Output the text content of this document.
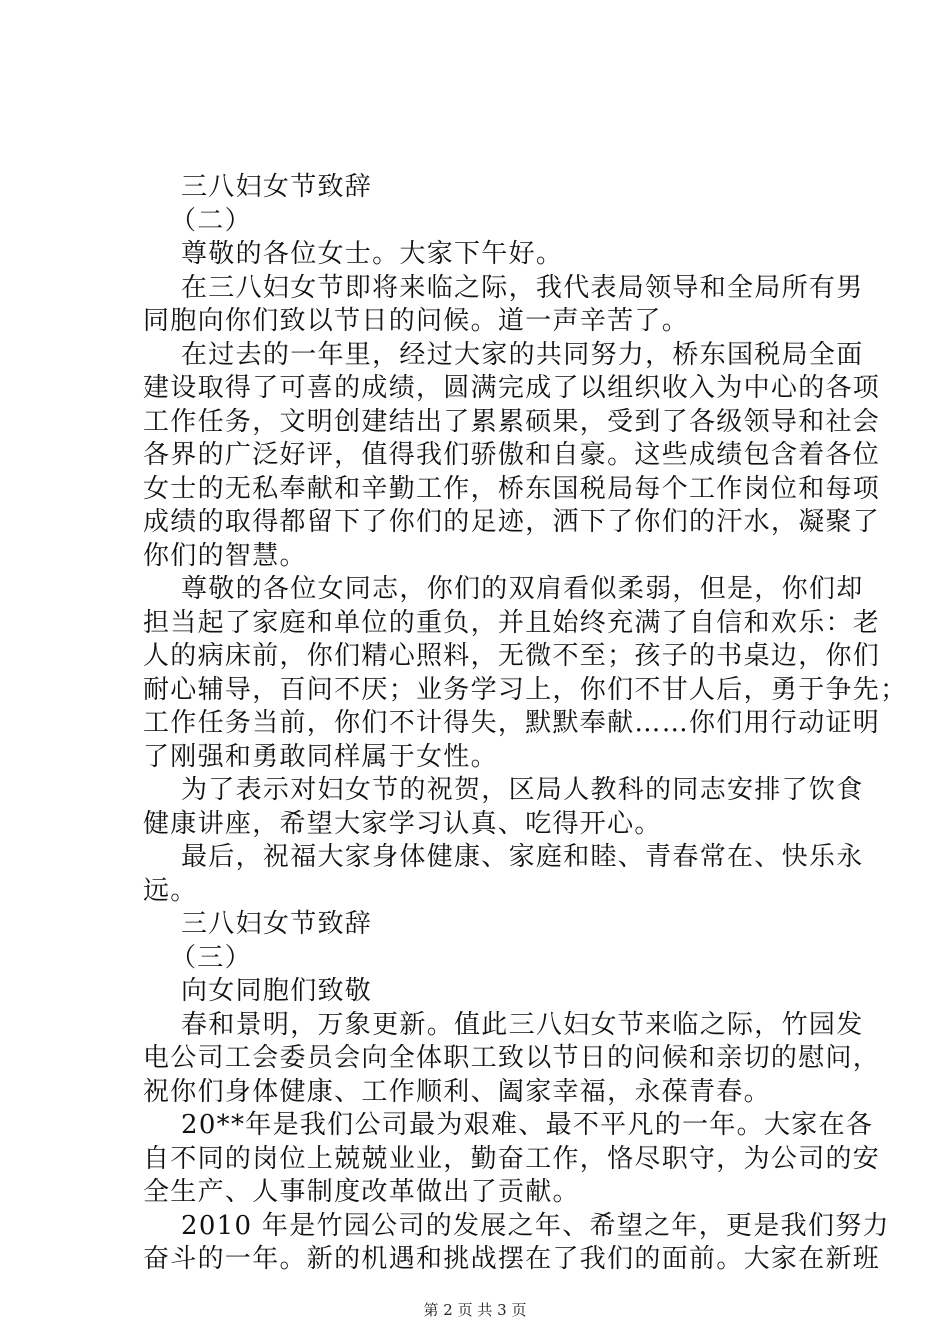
三八妇女节致辞
（二）
尊敬的各位女士。大家下午好。
在三八妇女节即将来临之际，我代表局领导和全局所有男
同胞向你们致以节日的问候。道一声辛苦了。
在过去的一年里，经过大家的共同努力，桥东国税局全面
建设取得了可喜的成绩，圆满完成了以组织收入为中心的各项
工作任务，文明创建结出了累累硕果，受到了各级领导和社会
各界的广泛好评，值得我们骄傲和自豪。这些成绩包含着各位
女士的无私奉献和辛勤工作，桥东国税局每个工作岗位和每项
成绩的取得都留下了你们的足迹，洒下了你们的汗水，凝聚了
你们的智慧。
尊敬的各位女同志，你们的双肩看似柔弱，但是，你们却
担当起了家庭和单位的重负，并且始终充满了自信和欢乐：老
人的病床前，你们精心照料，无微不至；孩子的书桌边，你们
耐心辅导，百问不厌；业务学习上，你们不甘人后，勇于争先；
工作任务当前，你们不计得失，默默奉献……你们用行动证明
了刚强和勇敢同样属于女性。
为了表示对妇女节的祝贺，区局人教科的同志安排了饮食
健康讲座，希望大家学习认真、吃得开心。
最后，祝福大家身体健康、家庭和睦、青春常在、快乐永
远。
三八妇女节致辞
（三）
向女同胞们致敬
春和景明，万象更新。值此三八妇女节来临之际，竹园发
电公司工会委员会向全体职工致以节日的问候和亲切的慰问，
祝你们身体健康、工作顺利、阖家幸福，永葆青春。
20**年是我们公司最为艰难、最不平凡的一年。大家在各
自不同的岗位上兢兢业业，勤奋工作，恪尽职守，为公司的安
全生产、人事制度改革做出了贡献。
2010 年是竹园公司的发展之年、希望之年，更是我们努力
奋斗的一年。新的机遇和挑战摆在了我们的面前。大家在新班
第 2 页 共 3 页
